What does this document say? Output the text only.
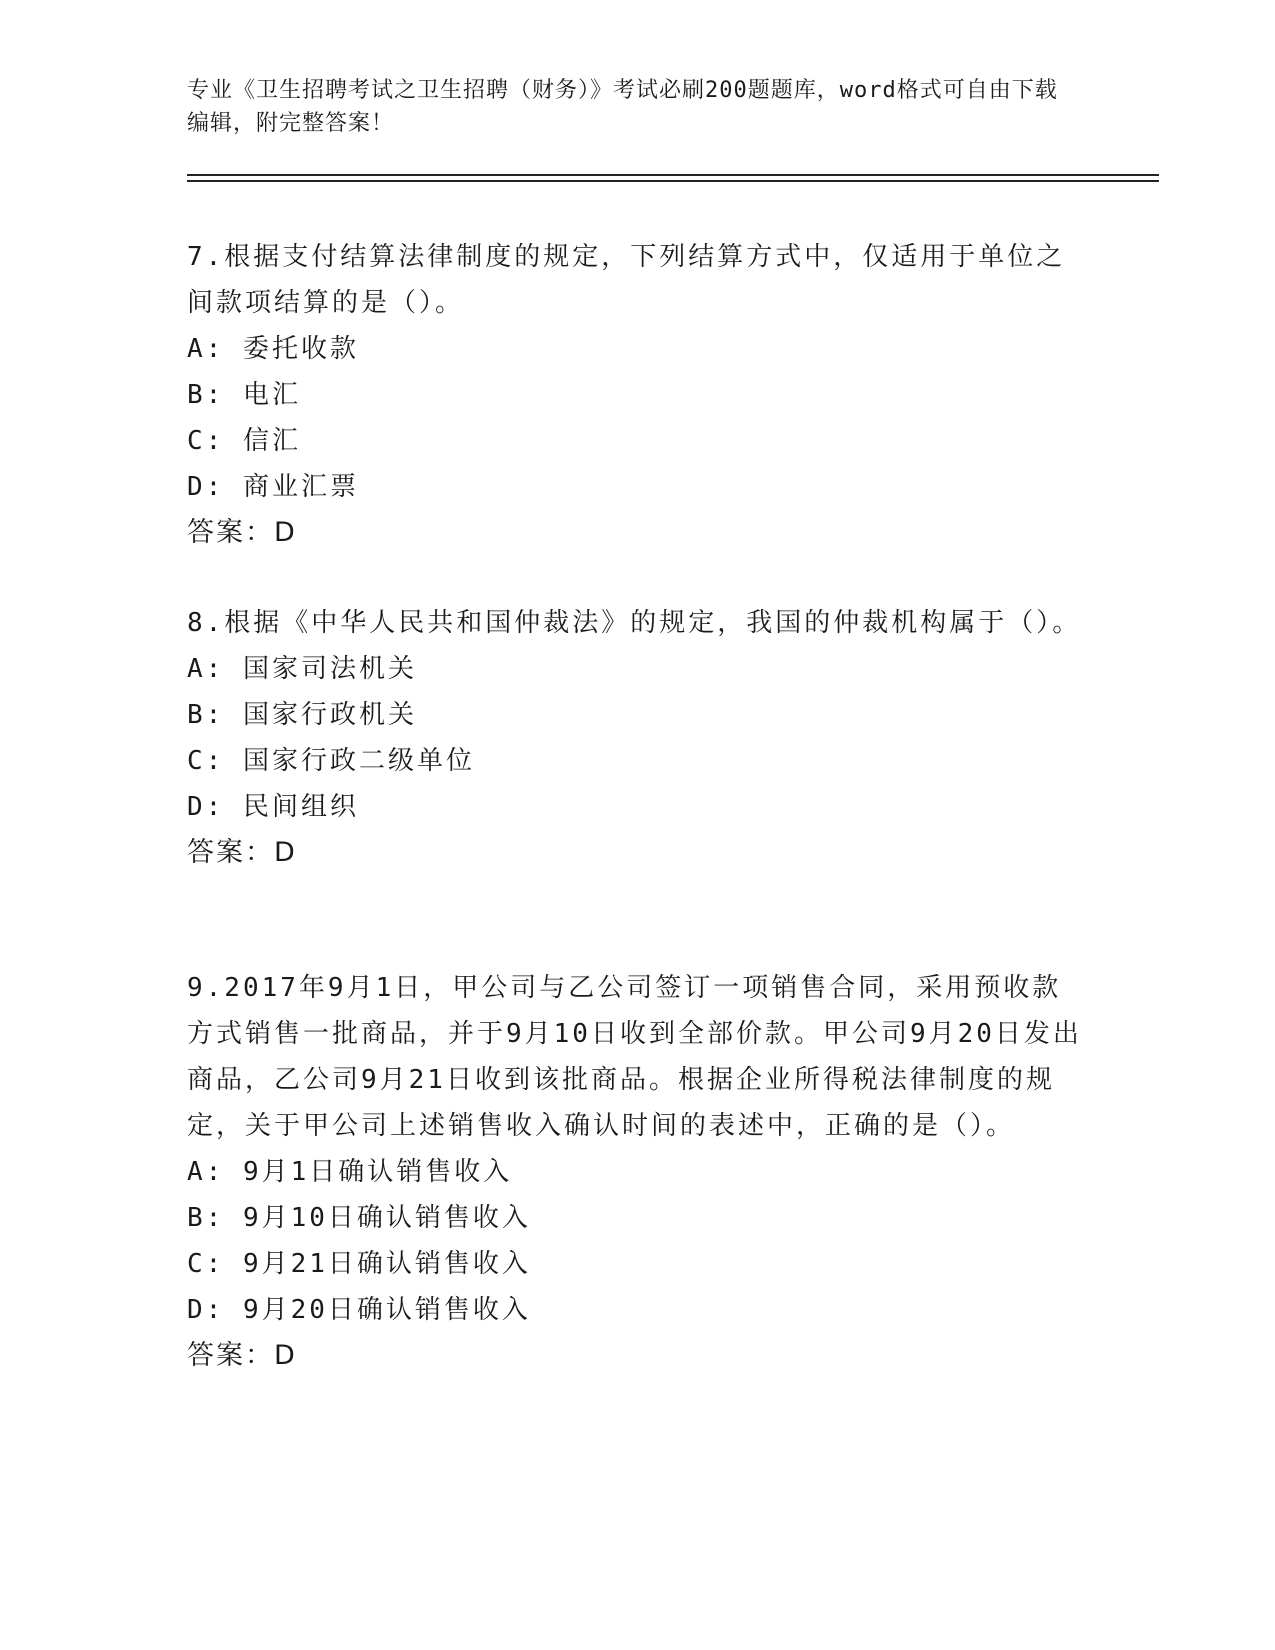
专业《卫生招聘考试之卫生招聘（财务）》考试必刷200题题库，word格式可自由下载编辑，附完整答案！

7.根据支付结算法律制度的规定，下列结算方式中，仅适用于单位之间款项结算的是（）。

A: 委托收款
B: 电汇
C: 信汇
D: 商业汇票
答案：D

8.根据《中华人民共和国仲裁法》的规定，我国的仲裁机构属于（）。

A: 国家司法机关
B: 国家行政机关
C: 国家行政二级单位
D: 民间组织
答案：D

9.2017年9月1日，甲公司与乙公司签订一项销售合同，采用预收款方式销售一批商品，并于9月10日收到全部价款。甲公司9月20日发出商品，乙公司9月21日收到该批商品。根据企业所得税法律制度的规定，关于甲公司上述销售收入确认时间的表述中，正确的是（）。

A: 9月1日确认销售收入
B: 9月10日确认销售收入
C: 9月21日确认销售收入
D: 9月20日确认销售收入
答案：D
